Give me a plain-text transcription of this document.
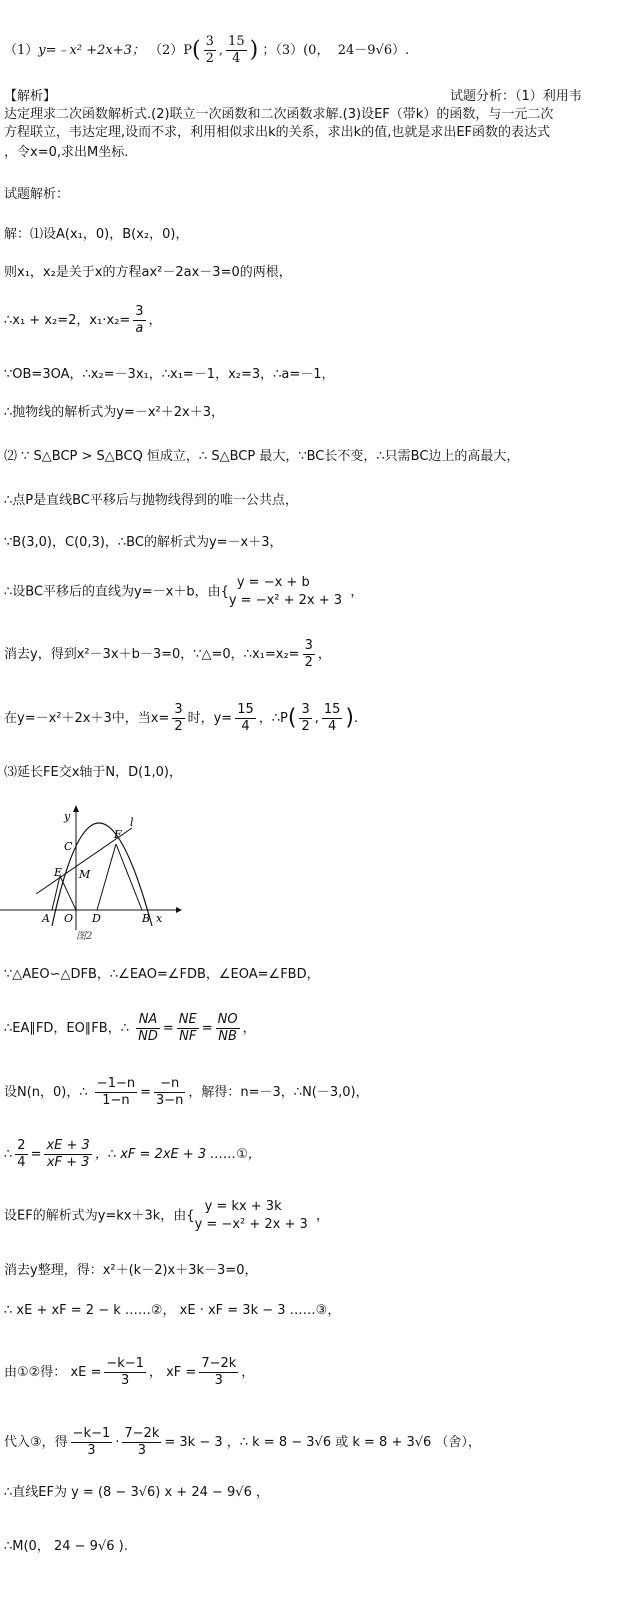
（1）y=﹣x² +2x+3； $(2)P( \frac{3}{2}$ , $\frac{15}{4}$ ) ；（3）(0， 24－9√6）.
【解析】	试题分析：（1）利用韦
达定理求二次函数解析式.(2)联立一次函数和二次函数求解.(3)设EF（带k）的函数，与一元二次
方程联立，韦达定理,设而不求，利用相似求出k的关系，求出k的值,也就是求出EF函数的表达式
，令x=0,求出M坐标.
试题解析：
解：⑴设A(x₁，0)，B(x₂，0)，
则x₁，x₂是关于x的方程ax²－2ax－3=0的两根，
∴x₁ + x₂=2，$x_1\cdot x_2= \frac{3}{a}$ ，
∵OB=3OA，∴x₂=－3x₁，∴x₁=－1，x₂=3，∴a=－1，
∴抛物线的解析式为y=－x²＋2x＋3，
⑵ ∵ S△BCP > S△BCQ 恒成立，∴ S△BCP 最大，∵BC长不变，∴只需BC边上的高最大，
∴点P是直线BC平移后与抛物线得到的唯一公共点，
∵B(3,0)，C(0,3)，∴BC的解析式为y=－x＋3，
∴设BC平移后的直线为y=－x＋b，由{
y = −x + b
y = −x² + 2x + 3
，
消去y，得到x²－3x＋b－3=0，∵△=0，∴x₁=x₂= $\frac{3}{2}$ ，
在y=－x²＋2x＋3中，当$x= \frac{3}{2}$ 时，$y= \frac{15}{4}$ ，∴P( $\frac{3}{2}$ , $\frac{15}{4}$ ).
⑶延长FE交x轴于N，D(1,0)，
y
x
l
C
F
E M
A O D	B
图2
∵△AEO∽△DFB，∴∠EAO=∠FDB，∠EOA=∠FBD，
∴EA∥FD，EO∥FB，∴ $\frac{NA}{ND} = \frac{NE}{NF} = \frac{NO}{NB}$ ，
设N(n，0)，∴ $\frac{-1-n}{1-n} = \frac{-n}{3-n}$ ，解得：n=－3，∴N(－3,0)，
∴ $\frac{2}{4} = \frac{xE + 3}{xF + 3}$ ，∴ xF = 2xE + 3 ……①，
设EF的解析式为y=kx＋3k，由{
y = kx + 3k
y = −x² + 2x + 3
，
消去y整理，得：x²＋(k－2)x＋3k－3=0，
∴ xE + xF = 2 − k ……②， xE · xF = 3k − 3 ……③，
由①②得： xE = $\frac{-k-1}{3}$ ， xF = $\frac{7-2k}{3}$ ，
代入③，得 $\frac{-k-1}{3} \cdot \frac{7-2k}{3} = 3k - 3$ ，∴ k = 8 − 3√6 或 k = 8 + 3√6 （舍），
∴直线EF为 y = (8 − 3√6) x + 24 − 9√6 ，
∴M(0， 24 − 9√6 ).
